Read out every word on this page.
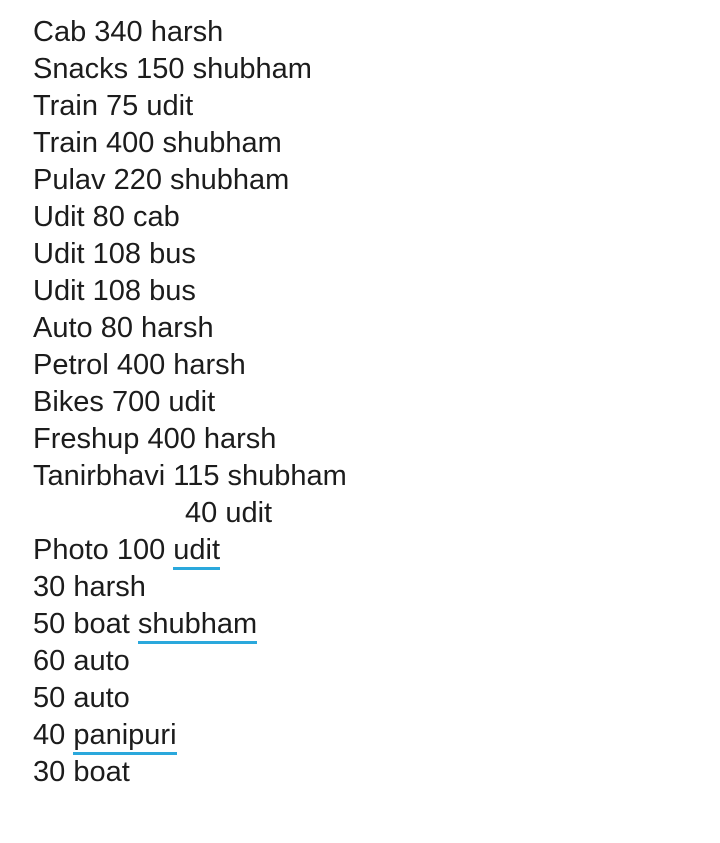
Cab 340 harsh
Snacks 150 shubham
Train 75 udit
Train 400 shubham
Pulav 220 shubham
Udit 80 cab
Udit 108 bus
Udit 108 bus
Auto 80 harsh
Petrol 400 harsh
Bikes 700 udit
Freshup 400 harsh
Tanirbhavi 115 shubham
40 udit
Photo 100 udit
30 harsh
50 boat shubham
60 auto
50 auto
40 panipuri
30 boat
